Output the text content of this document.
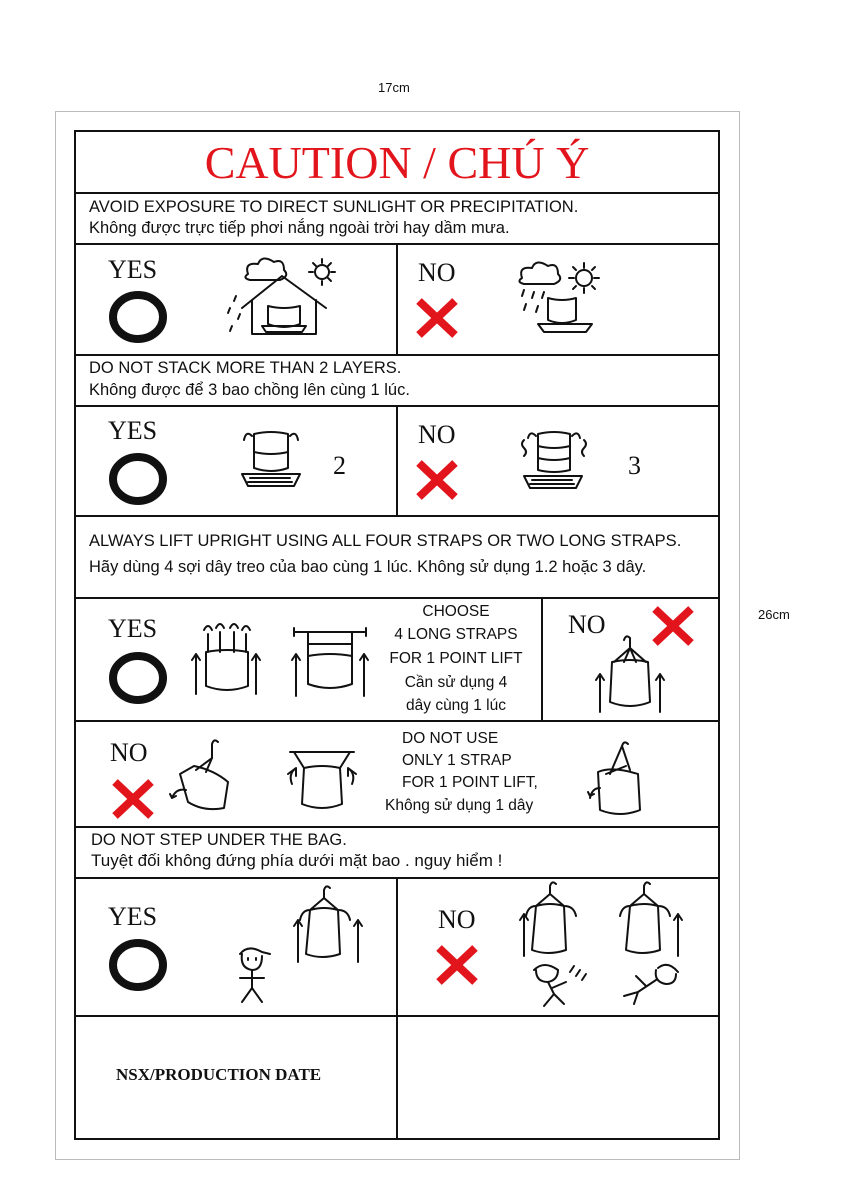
17cm
26cm
CAUTION / CHÚ Ý
AVOID EXPOSURE TO DIRECT SUNLIGHT OR PRECIPITATION.
Không được trực tiếp phơi nắng ngoài trời hay dầm mưa.
YES	NO
DO NOT STACK MORE THAN 2 LAYERS.
Không được để 3 bao chồng lên cùng 1 lúc.
YES
2
NO
3
ALWAYS LIFT UPRIGHT USING ALL FOUR STRAPS OR TWO LONG STRAPS.
Hãy dùng 4 sợi dây treo của bao cùng 1 lúc. Không sử dụng 1.2 hoặc 3 dây.
YES
CHOOSE
4 LONG STRAPS
FOR 1 POINT LIFT
Cần sử dụng 4
dây cùng 1 lúc
NO
NO	DO NOT USE
ONLY 1 STRAP
FOR 1 POINT LIFT,
Không sử dụng 1 dây
DO NOT STEP UNDER THE BAG.
Tuyệt đối không đứng phía dưới mặt bao . nguy hiểm !
YES	NO
NSX/PRODUCTION DATE
